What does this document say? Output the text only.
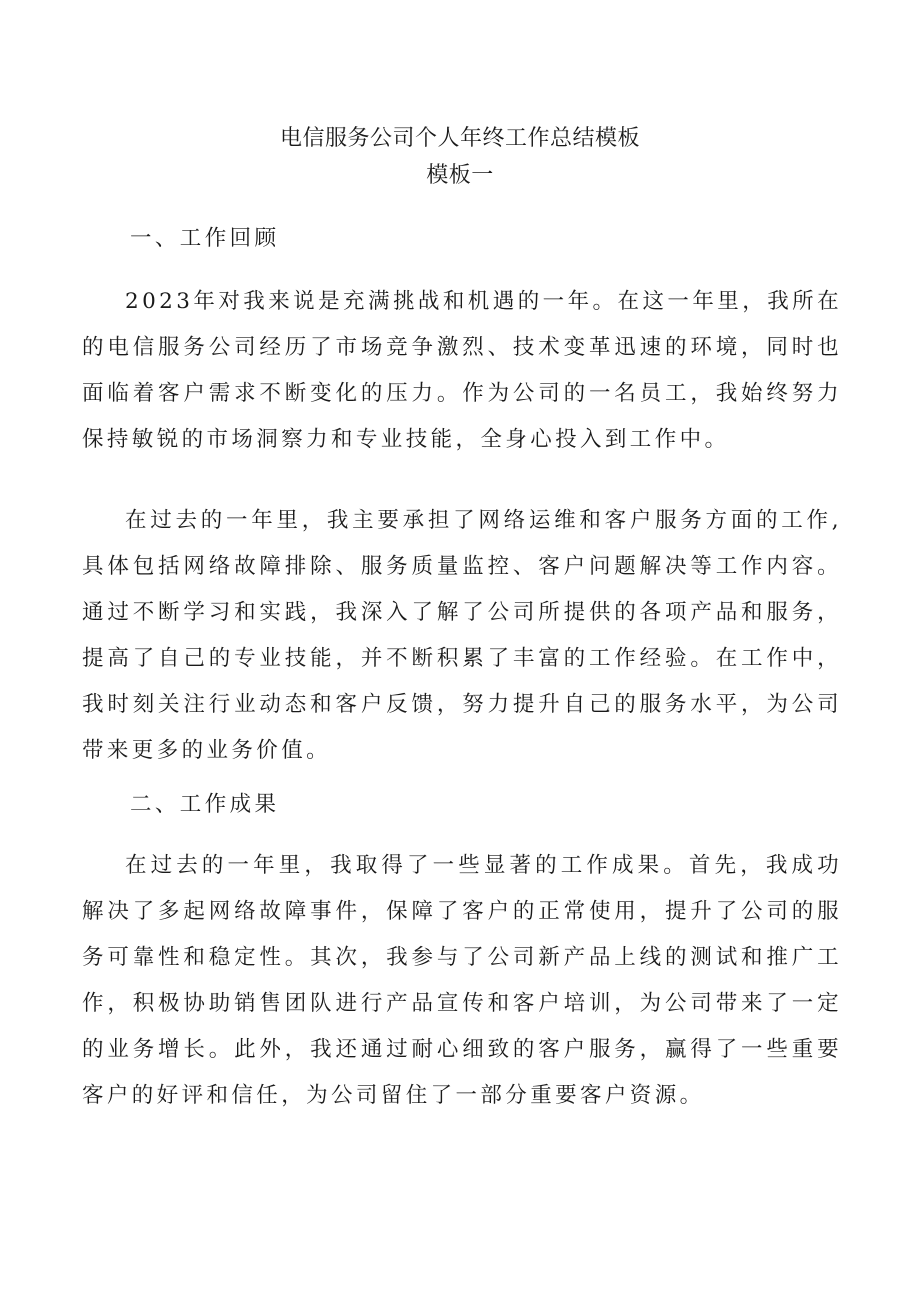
电信服务公司个人年终工作总结模板
模板一

一、工作回顾

2023年对我来说是充满挑战和机遇的一年。在这一年里，我所在的电信服务公司经历了市场竞争激烈、技术变革迅速的环境，同时也面临着客户需求不断变化的压力。作为公司的一名员工，我始终努力保持敏锐的市场洞察力和专业技能，全身心投入到工作中。

在过去的一年里，我主要承担了网络运维和客户服务方面的工作,具体包括网络故障排除、服务质量监控、客户问题解决等工作内容。通过不断学习和实践，我深入了解了公司所提供的各项产品和服务，提高了自己的专业技能，并不断积累了丰富的工作经验。在工作中，我时刻关注行业动态和客户反馈，努力提升自己的服务水平，为公司带来更多的业务价值。

二、工作成果

在过去的一年里，我取得了一些显著的工作成果。首先，我成功解决了多起网络故障事件，保障了客户的正常使用，提升了公司的服务可靠性和稳定性。其次，我参与了公司新产品上线的测试和推广工作，积极协助销售团队进行产品宣传和客户培训，为公司带来了一定的业务增长。此外，我还通过耐心细致的客户服务，赢得了一些重要客户的好评和信任，为公司留住了一部分重要客户资源。
